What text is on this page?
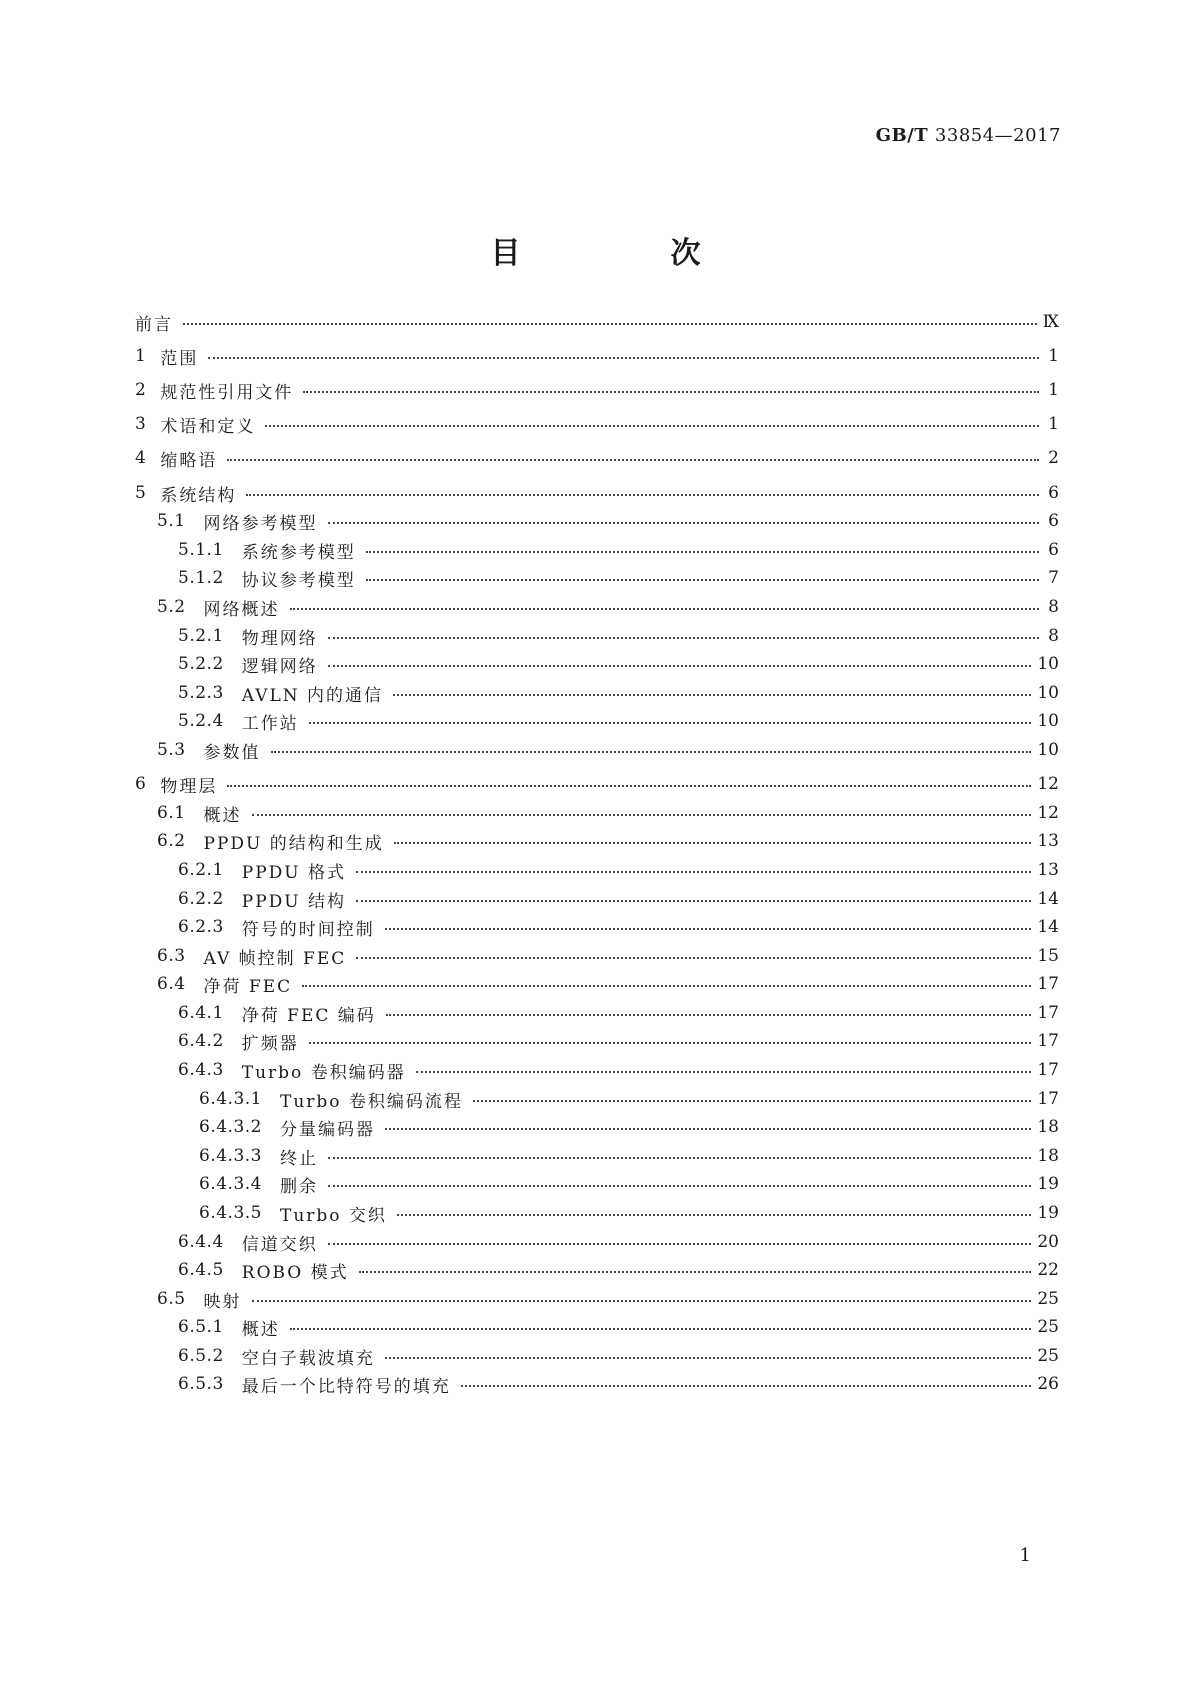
GB/T 33854—2017
目　次
前言	Ⅸ
1 范围	1
2 规范性引用文件	1
3 术语和定义	1
4 缩略语	2
5 系统结构	6
5.1 网络参考模型	6
5.1.1 系统参考模型	6
5.1.2 协议参考模型	7
5.2 网络概述	8
5.2.1 物理网络	8
5.2.2 逻辑网络	10
5.2.3 AVLN 内的通信	10
5.2.4 工作站	10
5.3 参数值	10
6 物理层	12
6.1 概述	12
6.2 PPDU 的结构和生成	13
6.2.1 PPDU 格式	13
6.2.2 PPDU 结构	14
6.2.3 符号的时间控制	14
6.3 AV 帧控制 FEC	15
6.4 净荷 FEC	17
6.4.1 净荷 FEC 编码	17
6.4.2 扩频器	17
6.4.3 Turbo 卷积编码器	17
6.4.3.1 Turbo 卷积编码流程	17
6.4.3.2 分量编码器	18
6.4.3.3 终止	18
6.4.3.4 删余	19
6.4.3.5 Turbo 交织	19
6.4.4 信道交织	20
6.4.5 ROBO 模式	22
6.5 映射	25
6.5.1 概述	25
6.5.2 空白子载波填充	25
6.5.3 最后一个比特符号的填充	26
1
